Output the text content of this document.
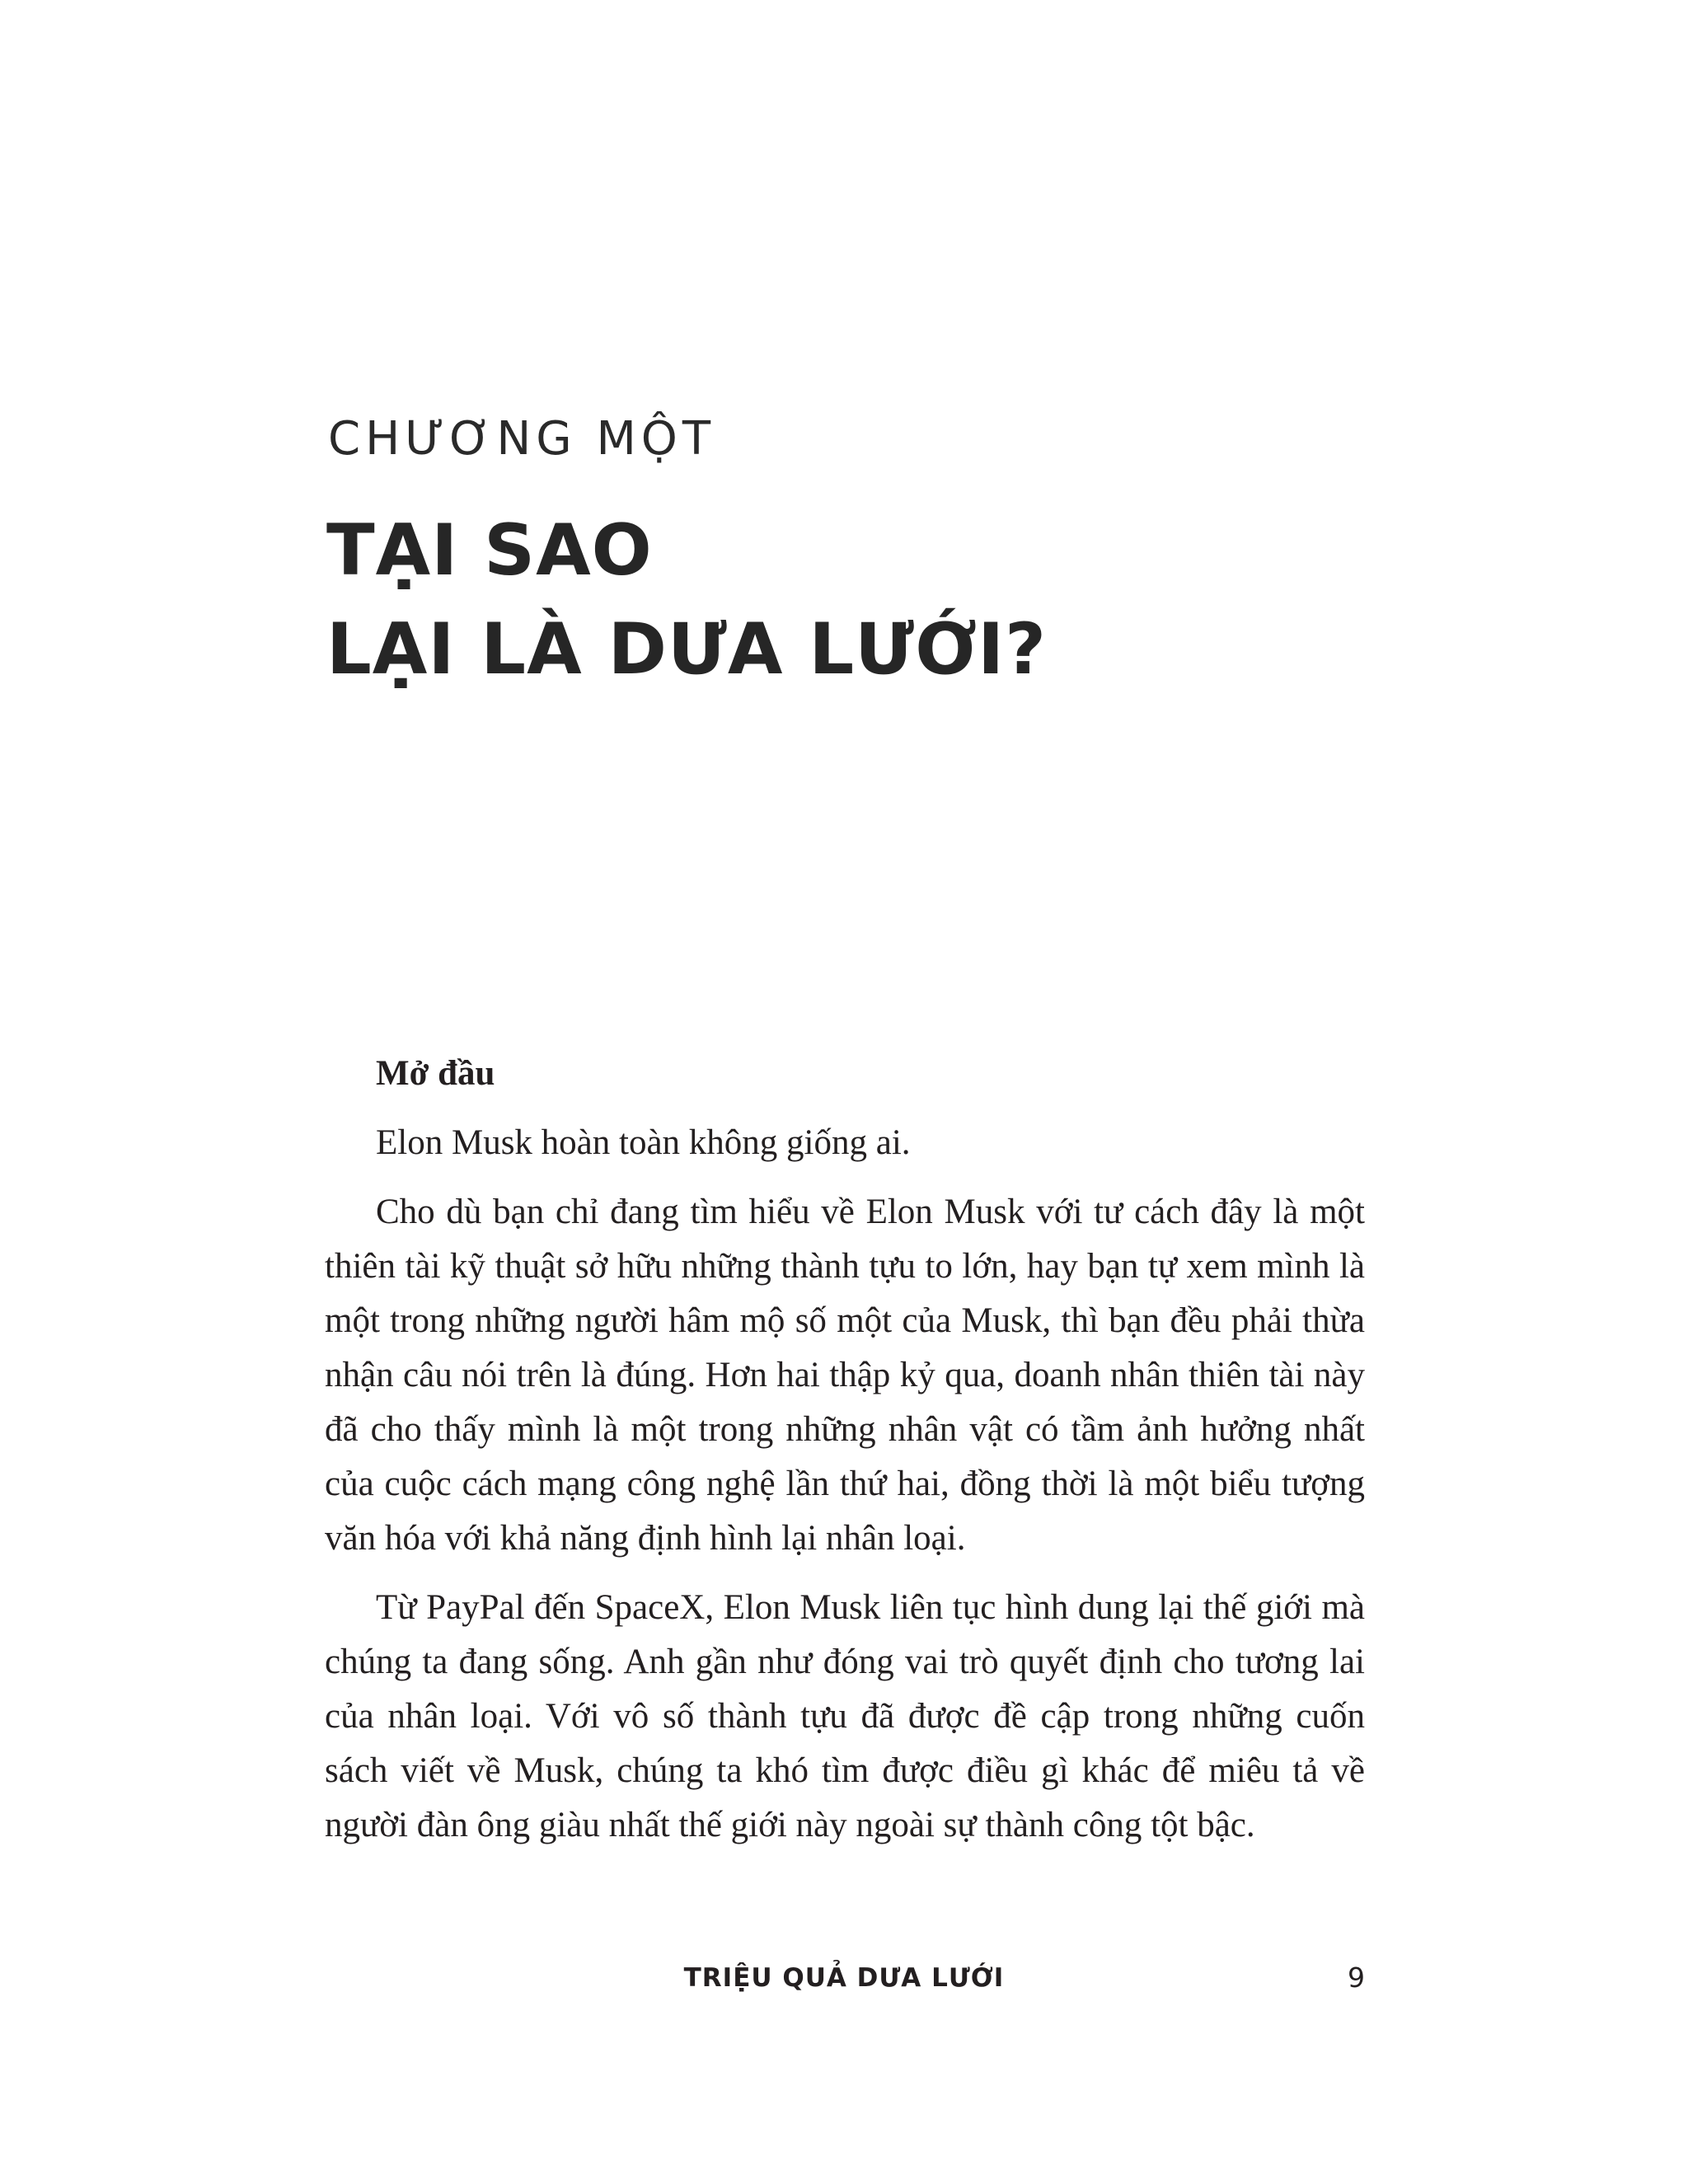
CHƯƠNG MỘT
TẠI SAO
LẠI LÀ DƯA LƯỚI?
Mở đầu

Elon Musk hoàn toàn không giống ai.

Cho dù bạn chỉ đang tìm hiểu về Elon Musk với tư cách đây là một thiên tài kỹ thuật sở hữu những thành tựu to lớn, hay bạn tự xem mình là một trong những người hâm mộ số một của Musk, thì bạn đều phải thừa nhận câu nói trên là đúng. Hơn hai thập kỷ qua, doanh nhân thiên tài này đã cho thấy mình là một trong những nhân vật có tầm ảnh hưởng nhất của cuộc cách mạng công nghệ lần thứ hai, đồng thời là một biểu tượng văn hóa với khả năng định hình lại nhân loại.

Từ PayPal đến SpaceX, Elon Musk liên tục hình dung lại thế giới mà chúng ta đang sống. Anh gần như đóng vai trò quyết định cho tương lai của nhân loại. Với vô số thành tựu đã được đề cập trong những cuốn sách viết về Musk, chúng ta khó tìm được điều gì khác để miêu tả về người đàn ông giàu nhất thế giới này ngoài sự thành công tột bậc.

TRIỆU QUẢ DƯA LƯỚI	9
